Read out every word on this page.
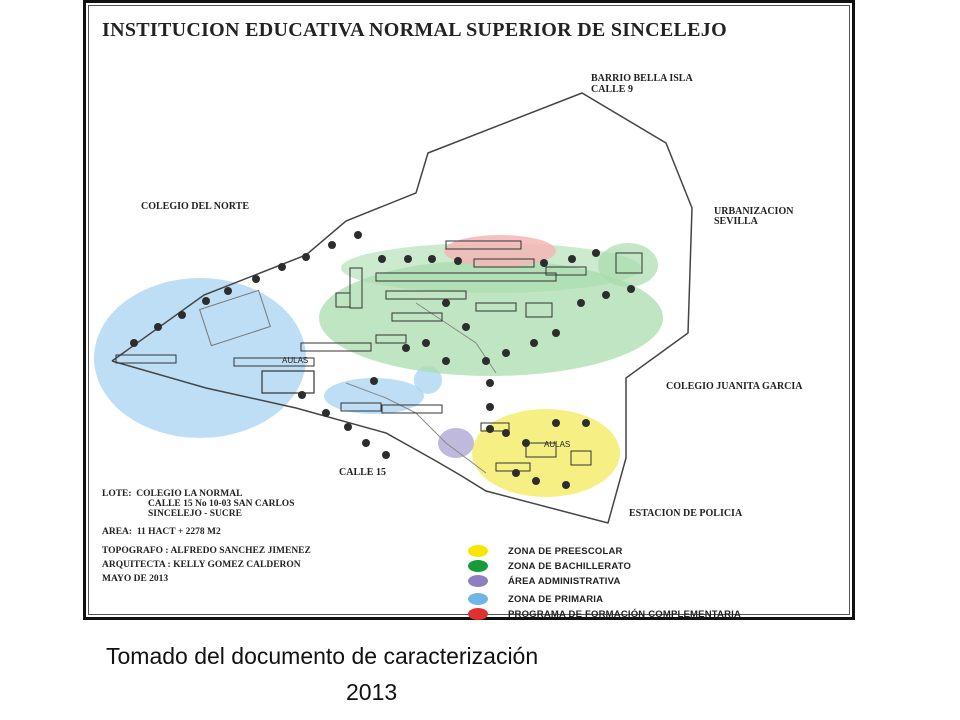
INSTITUCION EDUCATIVA NORMAL SUPERIOR DE SINCELEJO
BARRIO BELLA ISLA
CALLE 9
COLEGIO DEL NORTE	URBANIZACION
SEVILLA
COLEGIO JUANITA GARCIA
CALLE 15
ESTACION DE POLICIA
AULAS
AULAS
LOTE:  COLEGIO LA NORMAL
CALLE 15 No 10-03 SAN CARLOS
SINCELEJO - SUCRE
AREA:  11 HACT + 2278 M2
TOPOGRAFO : ALFREDO SANCHEZ JIMENEZ
ARQUITECTA : KELLY GOMEZ CALDERON
MAYO DE 2013
ZONA DE PREESCOLAR
ZONA DE BACHILLERATO
ÁREA ADMINISTRATIVA
ZONA DE PRIMARIA
PROGRAMA DE FORMACIÓN COMPLEMENTARIA
Tomado del documento de caracterización
2013
